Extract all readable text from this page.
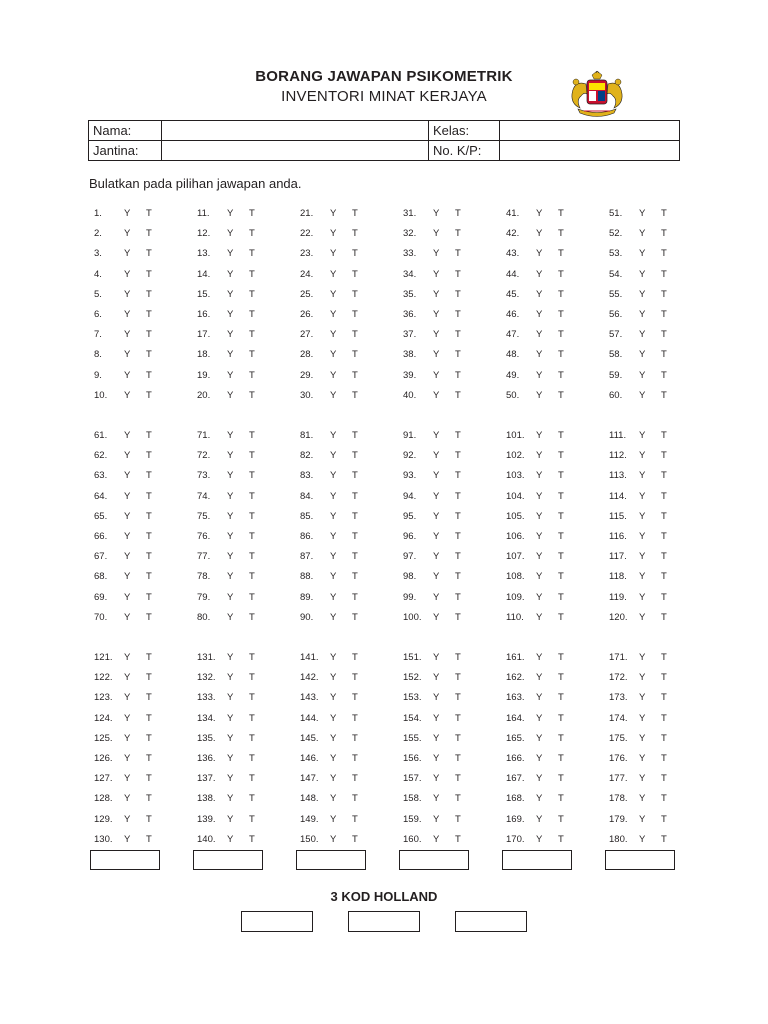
BORANG JAWAPAN PSIKOMETRIK
INVENTORI MINAT KERJAYA
Nama:		Kelas:	
Jantina:		No. K/P:	
Bulatkan pada pilihan jawapan anda.
1. Y T
2. Y T
3. Y T
4. Y T
5. Y T
6. Y T
7. Y T
8. Y T
9. Y T
10. Y T
11. Y T
12. Y T
13. Y T
14. Y T
15. Y T
16. Y T
17. Y T
18. Y T
19. Y T
20. Y T
21. Y T
22. Y T
23. Y T
24. Y T
25. Y T
26. Y T
27. Y T
28. Y T
29. Y T
30. Y T
31. Y T
32. Y T
33. Y T
34. Y T
35. Y T
36. Y T
37. Y T
38. Y T
39. Y T
40. Y T
41. Y T
42. Y T
43. Y T
44. Y T
45. Y T
46. Y T
47. Y T
48. Y T
49. Y T
50. Y T
51. Y T
52. Y T
53. Y T
54. Y T
55. Y T
56. Y T
57. Y T
58. Y T
59. Y T
60. Y T
61. Y T
62. Y T
63. Y T
64. Y T
65. Y T
66. Y T
67. Y T
68. Y T
69. Y T
70. Y T
71. Y T
72. Y T
73. Y T
74. Y T
75. Y T
76. Y T
77. Y T
78. Y T
79. Y T
80. Y T
81. Y T
82. Y T
83. Y T
84. Y T
85. Y T
86. Y T
87. Y T
88. Y T
89. Y T
90. Y T
91. Y T
92. Y T
93. Y T
94. Y T
95. Y T
96. Y T
97. Y T
98. Y T
99. Y T
100. Y T
101. Y T
102. Y T
103. Y T
104. Y T
105. Y T
106. Y T
107. Y T
108. Y T
109. Y T
110. Y T
111. Y T
112. Y T
113. Y T
114. Y T
115. Y T
116. Y T
117. Y T
118. Y T
119. Y T
120. Y T
121. Y T
122. Y T
123. Y T
124. Y T
125. Y T
126. Y T
127. Y T
128. Y T
129. Y T
130. Y T
131. Y T
132. Y T
133. Y T
134. Y T
135. Y T
136. Y T
137. Y T
138. Y T
139. Y T
140. Y T
141. Y T
142. Y T
143. Y T
144. Y T
145. Y T
146. Y T
147. Y T
148. Y T
149. Y T
150. Y T
151. Y T
152. Y T
153. Y T
154. Y T
155. Y T
156. Y T
157. Y T
158. Y T
159. Y T
160. Y T
161. Y T
162. Y T
163. Y T
164. Y T
165. Y T
166. Y T
167. Y T
168. Y T
169. Y T
170. Y T
171. Y T
172. Y T
173. Y T
174. Y T
175. Y T
176. Y T
177. Y T
178. Y T
179. Y T
180. Y T
3 KOD HOLLAND
